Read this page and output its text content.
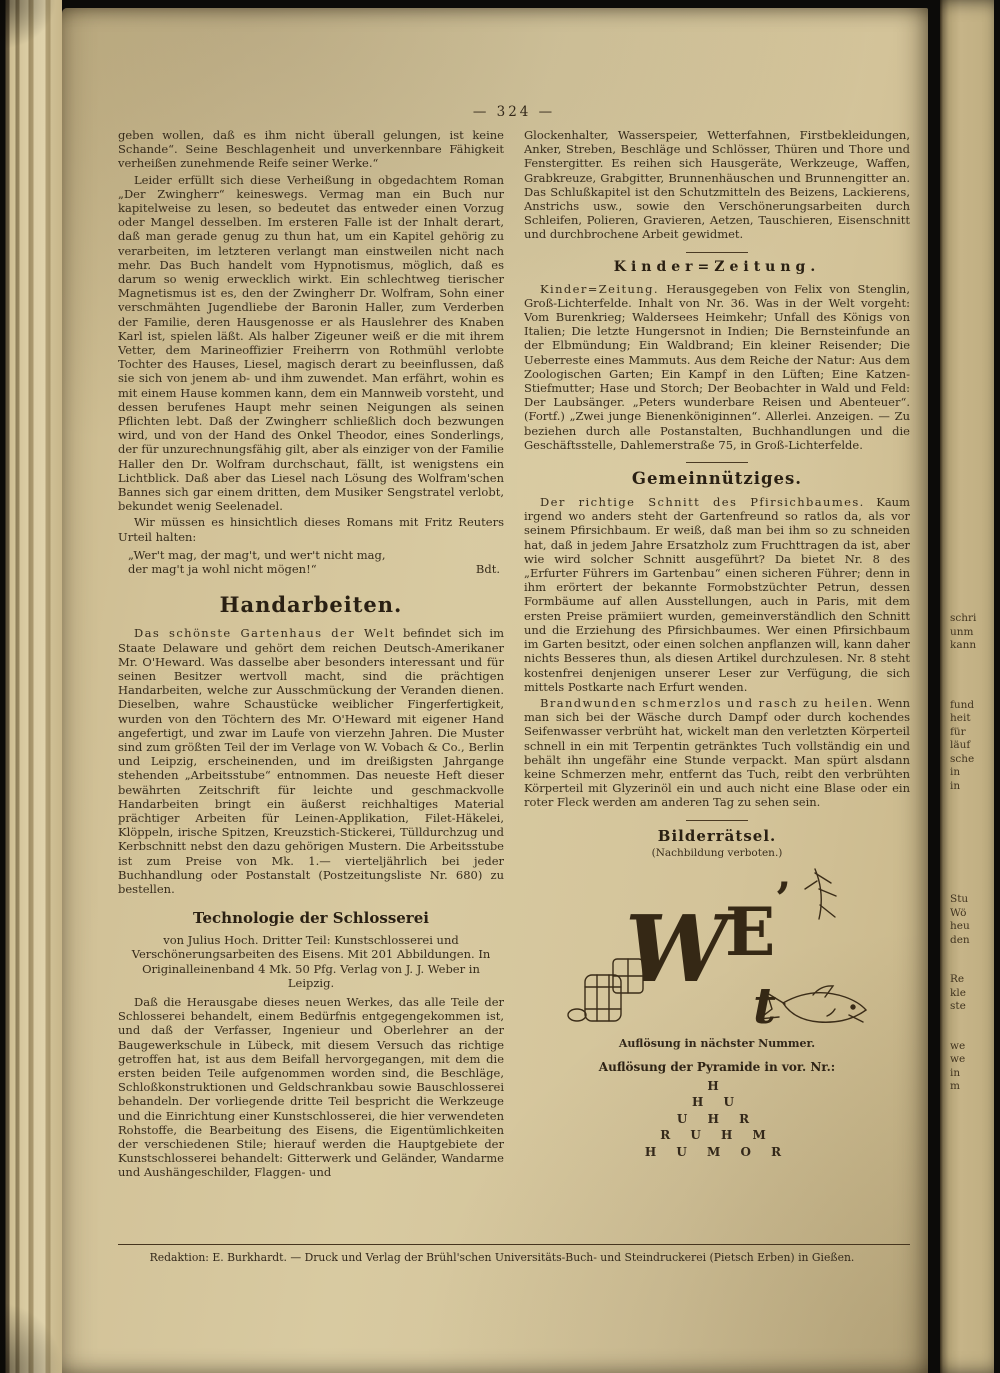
— 324 —

geben wollen, daß es ihm nicht überall gelungen, ist keine Schande“. Seine Beschlagenheit und unverkennbare Fähigkeit verheißen zunehmende Reife seiner Werke.“

Leider erfüllt sich diese Verheißung in obgedachtem Roman „Der Zwingherr“ keineswegs. Vermag man ein Buch nur kapitelweise zu lesen, so bedeutet das entweder einen Vorzug oder Mangel desselben. Im ersteren Falle ist der Inhalt derart, daß man gerade genug zu thun hat, um ein Kapitel gehörig zu verarbeiten, im letzteren verlangt man einstweilen nicht nach mehr. Das Buch handelt vom Hypnotismus, möglich, daß es darum so wenig erwecklich wirkt. Ein schlechtweg tierischer Magnetismus ist es, den der Zwingherr Dr. Wolfram, Sohn einer verschmähten Jugendliebe der Baronin Haller, zum Verderben der Familie, deren Hausgenosse er als Hauslehrer des Knaben Karl ist, spielen läßt. Als halber Zigeuner weiß er die mit ihrem Vetter, dem Marineoffizier Freiherrn von Rothmühl verlobte Tochter des Hauses, Liesel, magisch derart zu beeinflussen, daß sie sich von jenem ab- und ihm zuwendet. Man erfährt, wohin es mit einem Hause kommen kann, dem ein Mannweib vorsteht, und dessen berufenes Haupt mehr seinen Neigungen als seinen Pflichten lebt. Daß der Zwingherr schließlich doch bezwungen wird, und von der Hand des Onkel Theodor, eines Sonderlings, der für unzurechnungsfähig gilt, aber als einziger von der Familie Haller den Dr. Wolfram durchschaut, fällt, ist wenigstens ein Lichtblick. Daß aber das Liesel nach Lösung des Wolfram'schen Bannes sich gar einem dritten, dem Musiker Sengstratel verlobt, bekundet wenig Seelenadel.

Wir müssen es hinsichtlich dieses Romans mit Fritz Reuters Urteil halten:

„Wer't mag, der mag't, und wer't nicht mag,

Bdt.
der mag't ja wohl nicht mögen!“

Handarbeiten.

Das schönste Gartenhaus der Welt befindet sich im Staate Delaware und gehört dem reichen Deutsch-Amerikaner Mr. O'Heward. Was dasselbe aber besonders interessant und für seinen Besitzer wertvoll macht, sind die prächtigen Handarbeiten, welche zur Ausschmückung der Veranden dienen. Dieselben, wahre Schaustücke weiblicher Fingerfertigkeit, wurden von den Töchtern des Mr. O'Heward mit eigener Hand angefertigt, und zwar im Laufe von vierzehn Jahren. Die Muster sind zum größten Teil der im Verlage von W. Vobach & Co., Berlin und Leipzig, erscheinenden, und im dreißigsten Jahrgange stehenden „Arbeitsstube“ entnommen. Das neueste Heft dieser bewährten Zeitschrift für leichte und geschmackvolle Handarbeiten bringt ein äußerst reichhaltiges Material prächtiger Arbeiten für Leinen-Applikation, Filet-Häkelei, Klöppeln, irische Spitzen, Kreuzstich-Stickerei, Tülldurchzug und Kerbschnitt nebst den dazu gehörigen Mustern. Die Arbeitsstube ist zum Preise von Mk. 1.— vierteljährlich bei jeder Buchhandlung oder Postanstalt (Postzeitungsliste Nr. 680) zu bestellen.

Technologie der Schlosserei

von Julius Hoch. Dritter Teil: Kunstschlosserei und Verschönerungsarbeiten des Eisens. Mit 201 Abbildungen. In Originalleinenband 4 Mk. 50 Pfg. Verlag von J. J. Weber in Leipzig.

Daß die Herausgabe dieses neuen Werkes, das alle Teile der Schlosserei behandelt, einem Bedürfnis entgegengekommen ist, und daß der Verfasser, Ingenieur und Oberlehrer an der Baugewerkschule in Lübeck, mit diesem Versuch das richtige getroffen hat, ist aus dem Beifall hervorgegangen, mit dem die ersten beiden Teile aufgenommen worden sind, die Beschläge, Schloßkonstruktionen und Geldschrankbau sowie Bauschlosserei behandeln. Der vorliegende dritte Teil bespricht die Werkzeuge und die Einrichtung einer Kunstschlosserei, die hier verwendeten Rohstoffe, die Bearbeitung des Eisens, die Eigentümlichkeiten der verschiedenen Stile; hierauf werden die Hauptgebiete der Kunstschlosserei behandelt: Gitterwerk und Geländer, Wandarme und Aushängeschilder, Flaggen- und

Glockenhalter, Wasserspeier, Wetterfahnen, Firstbekleidungen, Anker, Streben, Beschläge und Schlösser, Thüren und Thore und Fenstergitter. Es reihen sich Hausgeräte, Werkzeuge, Waffen, Grabkreuze, Grabgitter, Brunnenhäuschen und Brunnengitter an. Das Schlußkapitel ist den Schutzmitteln des Beizens, Lackierens, Anstrichs usw., sowie den Verschönerungsarbeiten durch Schleifen, Polieren, Gravieren, Aetzen, Tauschieren, Eisenschnitt und durchbrochene Arbeit gewidmet.

Kinder=Zeitung.

Kinder=Zeitung. Herausgegeben von Felix von Stenglin, Groß-Lichterfelde. Inhalt von Nr. 36. Was in der Welt vorgeht: Vom Burenkrieg; Waldersees Heimkehr; Unfall des Königs von Italien; Die letzte Hungersnot in Indien; Die Bernsteinfunde an der Elbmündung; Ein Waldbrand; Ein kleiner Reisender; Die Ueberreste eines Mammuts. Aus dem Reiche der Natur: Aus dem Zoologischen Garten; Ein Kampf in den Lüften; Eine Katzen-Stiefmutter; Hase und Storch; Der Beobachter in Wald und Feld: Der Laubsänger. „Peters wunderbare Reisen und Abenteuer“. (Fortf.) „Zwei junge Bienenköniginnen“. Allerlei. Anzeigen. — Zu beziehen durch alle Postanstalten, Buchhandlungen und die Geschäftsstelle, Dahlemerstraße 75, in Groß-Lichterfelde.

Gemeinnütziges.

Der richtige Schnitt des Pfirsichbaumes. Kaum irgend wo anders steht der Gartenfreund so ratlos da, als vor seinem Pfirsichbaum. Er weiß, daß man bei ihm so zu schneiden hat, daß in jedem Jahre Ersatzholz zum Fruchttragen da ist, aber wie wird solcher Schnitt ausgeführt? Da bietet Nr. 8 des „Erfurter Führers im Gartenbau“ einen sicheren Führer; denn in ihm erörtert der bekannte Formobstzüchter Petrun, dessen Formbäume auf allen Ausstellungen, auch in Paris, mit dem ersten Preise prämiiert wurden, gemeinverständlich den Schnitt und die Erziehung des Pfirsichbaumes. Wer einen Pfirsichbaum im Garten besitzt, oder einen solchen anpflanzen will, kann daher nichts Besseres thun, als diesen Artikel durchzulesen. Nr. 8 steht kostenfrei denjenigen unserer Leser zur Verfügung, die sich mittels Postkarte nach Erfurt wenden.

Brandwunden schmerzlos und rasch zu heilen. Wenn man sich bei der Wäsche durch Dampf oder durch kochendes Seifenwasser verbrüht hat, wickelt man den verletzten Körperteil schnell in ein mit Terpentin getränktes Tuch vollständig ein und behält ihn ungefähr eine Stunde verpackt. Man spürt alsdann keine Schmerzen mehr, entfernt das Tuch, reibt den verbrühten Körperteil mit Glyzerinöl ein und auch nicht eine Blase oder ein roter Fleck werden am anderen Tag zu sehen sein.

Bilderrätsel.

(Nachbildung verboten.)

W
E ’
t

Auflösung in nächster Nummer.

Auflösung der Pyramide in vor. Nr.:

H
H U
U H R
R U H M
H U M O R
Redaktion: E. Burkhardt. — Druck und Verlag der Brühl'schen Universitäts-Buch- und Steindruckerei (Pietsch Erben) in Gießen.
schri
unm
kann
fund
heit
für
läuf
sche
in
in
Stu
Wö
heu
den
Re
kle
ste
we
we
in
m
